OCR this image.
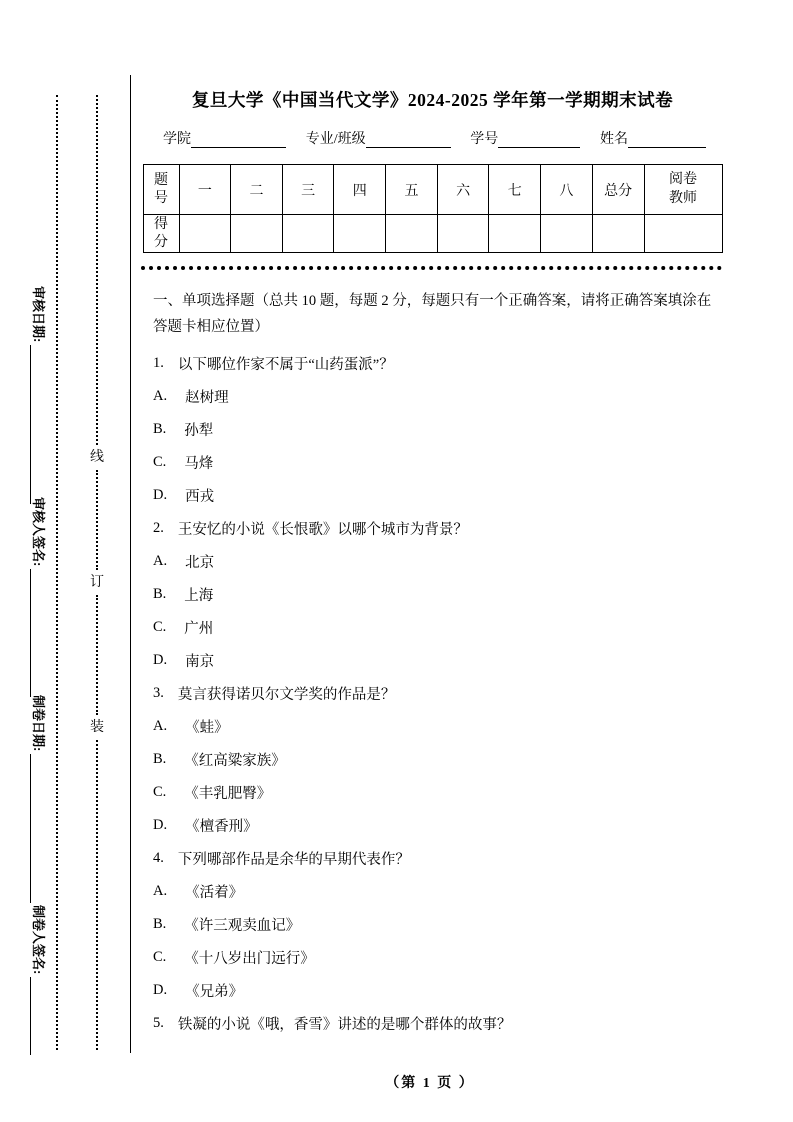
审核日期:
审核人签名:
制卷日期:
制卷人签名:
线
订
装
复旦大学《中国当代文学》2024-2025 学年第一学期期末试卷
学院	专业/班级	学号	姓名
题号	一	二	三	四	五	六	七	八	总分	阅卷教师
得分										

一、单项选择题（总共 10 题，每题 2 分，每题只有一个正确答案，请将正确答案填涂在答题卡相应位置）

1. 以下哪位作家不属于“山药蛋派”？
A. 赵树理
B. 孙犁
C. 马烽
D. 西戎
2. 王安忆的小说《长恨歌》以哪个城市为背景？
A. 北京
B. 上海
C. 广州
D. 南京
3. 莫言获得诺贝尔文学奖的作品是？
A. 《蛙》
B. 《红高粱家族》
C. 《丰乳肥臀》
D. 《檀香刑》
4. 下列哪部作品是余华的早期代表作？
A. 《活着》
B. 《许三观卖血记》
C. 《十八岁出门远行》
D. 《兄弟》
5. 铁凝的小说《哦，香雪》讲述的是哪个群体的故事？
（第 1 页 ）
